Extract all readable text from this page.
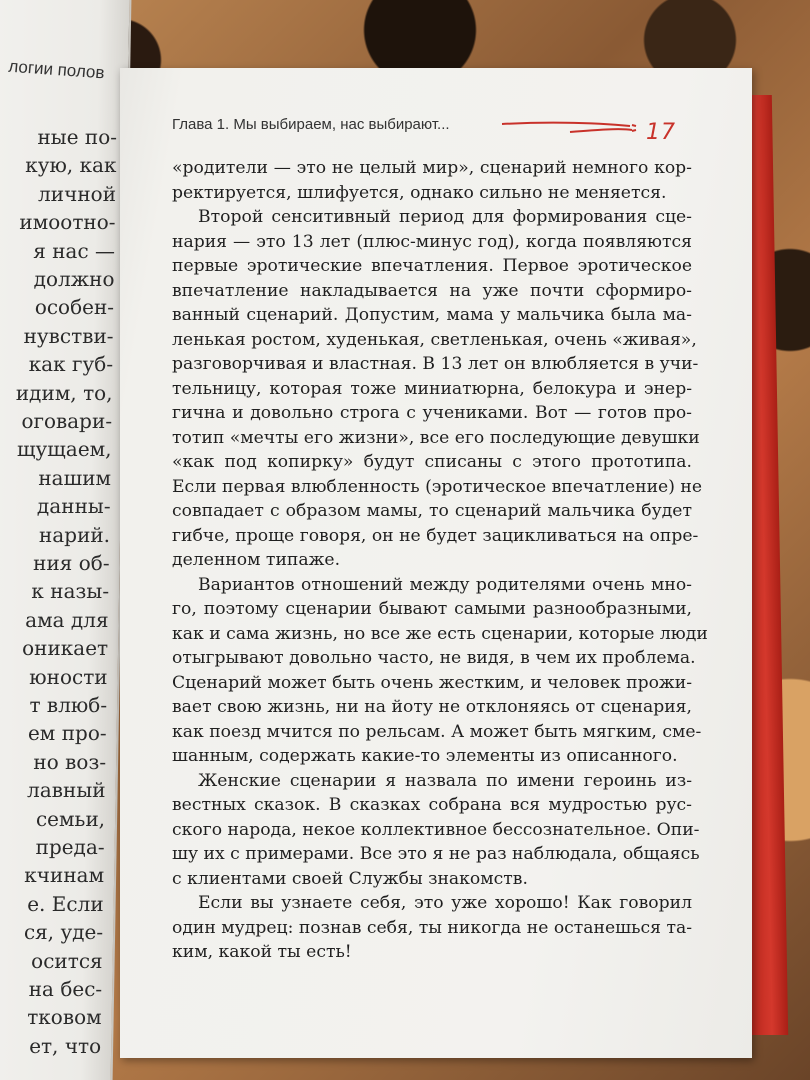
логии полов
ные по-
кую, как
личной
имоотно-
я нас —
должно
особен-
нувстви-
как губ-
идим, то,
оговари-
щущаем,
нашим
данны-
нарий.
ния об-
к назы-
ама для
оникает
юности
т влюб-
ем про-
но воз-
лавный
семьи,
преда-
кчинам
е. Если
ся, уде-
осится
на бес-
тковом
ет, что
Глава 1. Мы выбираем, нас выбирают...	17
«родители — это не целый мир», сценарий немного кор-
ректируется, шлифуется, однако сильно не меняется.
Второй сенситивный период для формирования сце-
нария — это 13 лет (плюс-минус год), когда появляются
первые эротические впечатления. Первое эротическое
впечатление накладывается на уже почти сформиро-
ванный сценарий. Допустим, мама у мальчика была ма-
ленькая ростом, худенькая, светленькая, очень «живая»,
разговорчивая и властная. В 13 лет он влюбляется в учи-
тельницу, которая тоже миниатюрна, белокура и энер-
гична и довольно строга с учениками. Вот — готов про-
тотип «мечты его жизни», все его последующие девушки
«как под копирку» будут списаны с этого прототипа.
Если первая влюбленность (эротическое впечатление) не
совпадает с образом мамы, то сценарий мальчика будет
гибче, проще говоря, он не будет зацикливаться на опре-
деленном типаже.
Вариантов отношений между родителями очень мно-
го, поэтому сценарии бывают самыми разнообразными,
как и сама жизнь, но все же есть сценарии, которые люди
отыгрывают довольно часто, не видя, в чем их проблема.
Сценарий может быть очень жестким, и человек прожи-
вает свою жизнь, ни на йоту не отклоняясь от сценария,
как поезд мчится по рельсам. А может быть мягким, сме-
шанным, содержать какие-то элементы из описанного.
Женские сценарии я назвала по имени героинь из-
вестных сказок. В сказках собрана вся мудростью рус-
ского народа, некое коллективное бессознательное. Опи-
шу их с примерами. Все это я не раз наблюдала, общаясь
с клиентами своей Службы знакомств.
Если вы узнаете себя, это уже хорошо! Как говорил
один мудрец: познав себя, ты никогда не останешься та-
ким, какой ты есть!
